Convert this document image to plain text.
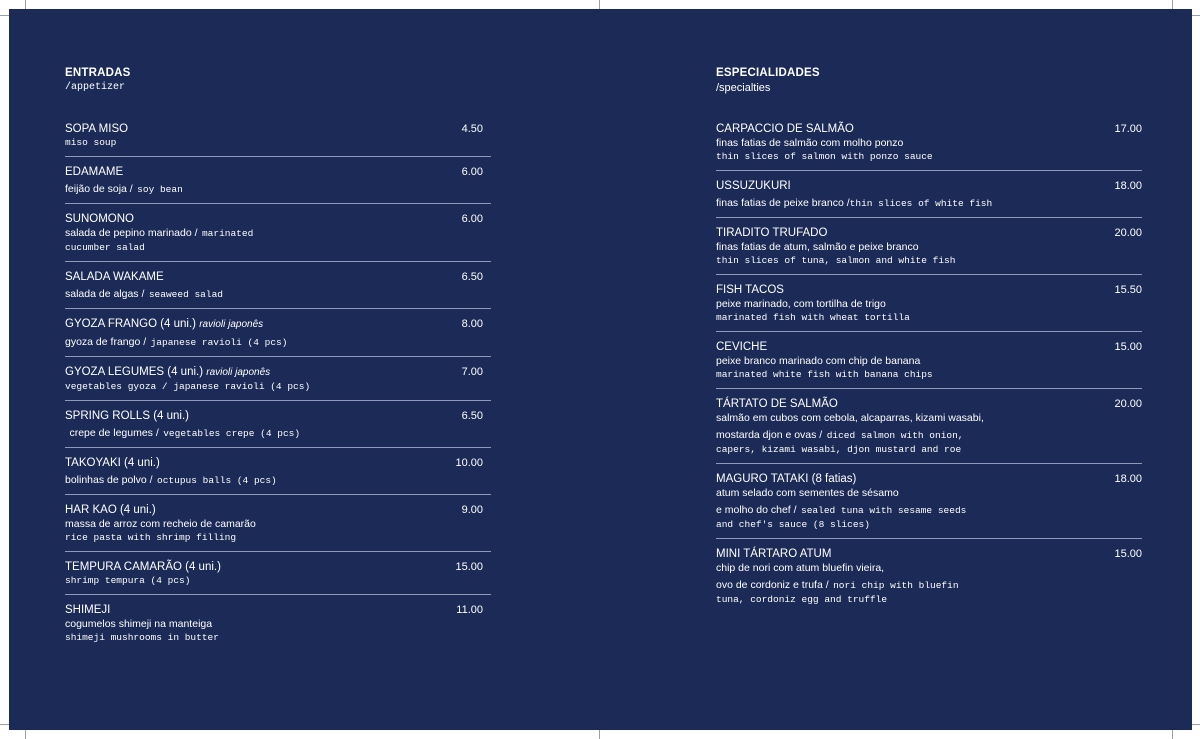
ENTRADAS
/appetizer
SOPA MISO
miso soup
4.50
EDAMAME
feijão de soja / soy bean
6.00
SUNOMONO
salada de pepino marinado / marinated
cucumber salad
6.00
SALADA WAKAME
salada de algas / seaweed salad
6.50
GYOZA FRANGO (4 uni.) ravioli japonês
gyoza de frango / japanese ravioli (4 pcs)
8.00
GYOZA LEGUMES (4 uni.) ravioli japonês
vegetables gyoza / japanese ravioli (4 pcs)
7.00
SPRING ROLLS (4 uni.)
crepe de legumes / vegetables crepe (4 pcs)
6.50
TAKOYAKI (4 uni.)
bolinhas de polvo / octupus balls (4 pcs)
10.00
HAR KAO (4 uni.)
massa de arroz com recheio de camarão
rice pasta with shrimp filling
9.00
TEMPURA CAMARÃO (4 uni.)
shrimp tempura (4 pcs)
15.00
SHIMEJI
cogumelos shimeji na manteiga
shimeji mushrooms in butter
11.00
ESPECIALIDADES
/specialties
CARPACCIO DE SALMÃO
finas fatias de salmão com molho ponzo
thin slices of salmon with ponzo sauce
17.00
USSUZUKURI
finas fatias de peixe branco /thin slices of white fish
18.00
TIRADITO TRUFADO
finas fatias de atum, salmão e peixe branco
thin slices of tuna, salmon and white fish
20.00
FISH TACOS
peixe marinado, com tortilha de trigo
marinated fish with wheat tortilla
15.50
CEVICHE
peixe branco marinado com chip de banana
marinated white fish with banana chips
15.00
TÁRTATO DE SALMÃO
salmão em cubos com cebola, alcaparras, kizami wasabi,
mostarda djon e ovas / diced salmon with onion,
capers, kizami wasabi, djon mustard and roe
20.00
MAGURO TATAKI (8 fatias)
atum selado com sementes de sésamo
e molho do chef / sealed tuna with sesame seeds
and chef's sauce (8 slices)
18.00
MINI TÁRTARO ATUM
chip de nori com atum bluefin vieira,
ovo de cordoniz e trufa / nori chip with bluefin
tuna, cordoniz egg and truffle
15.00
